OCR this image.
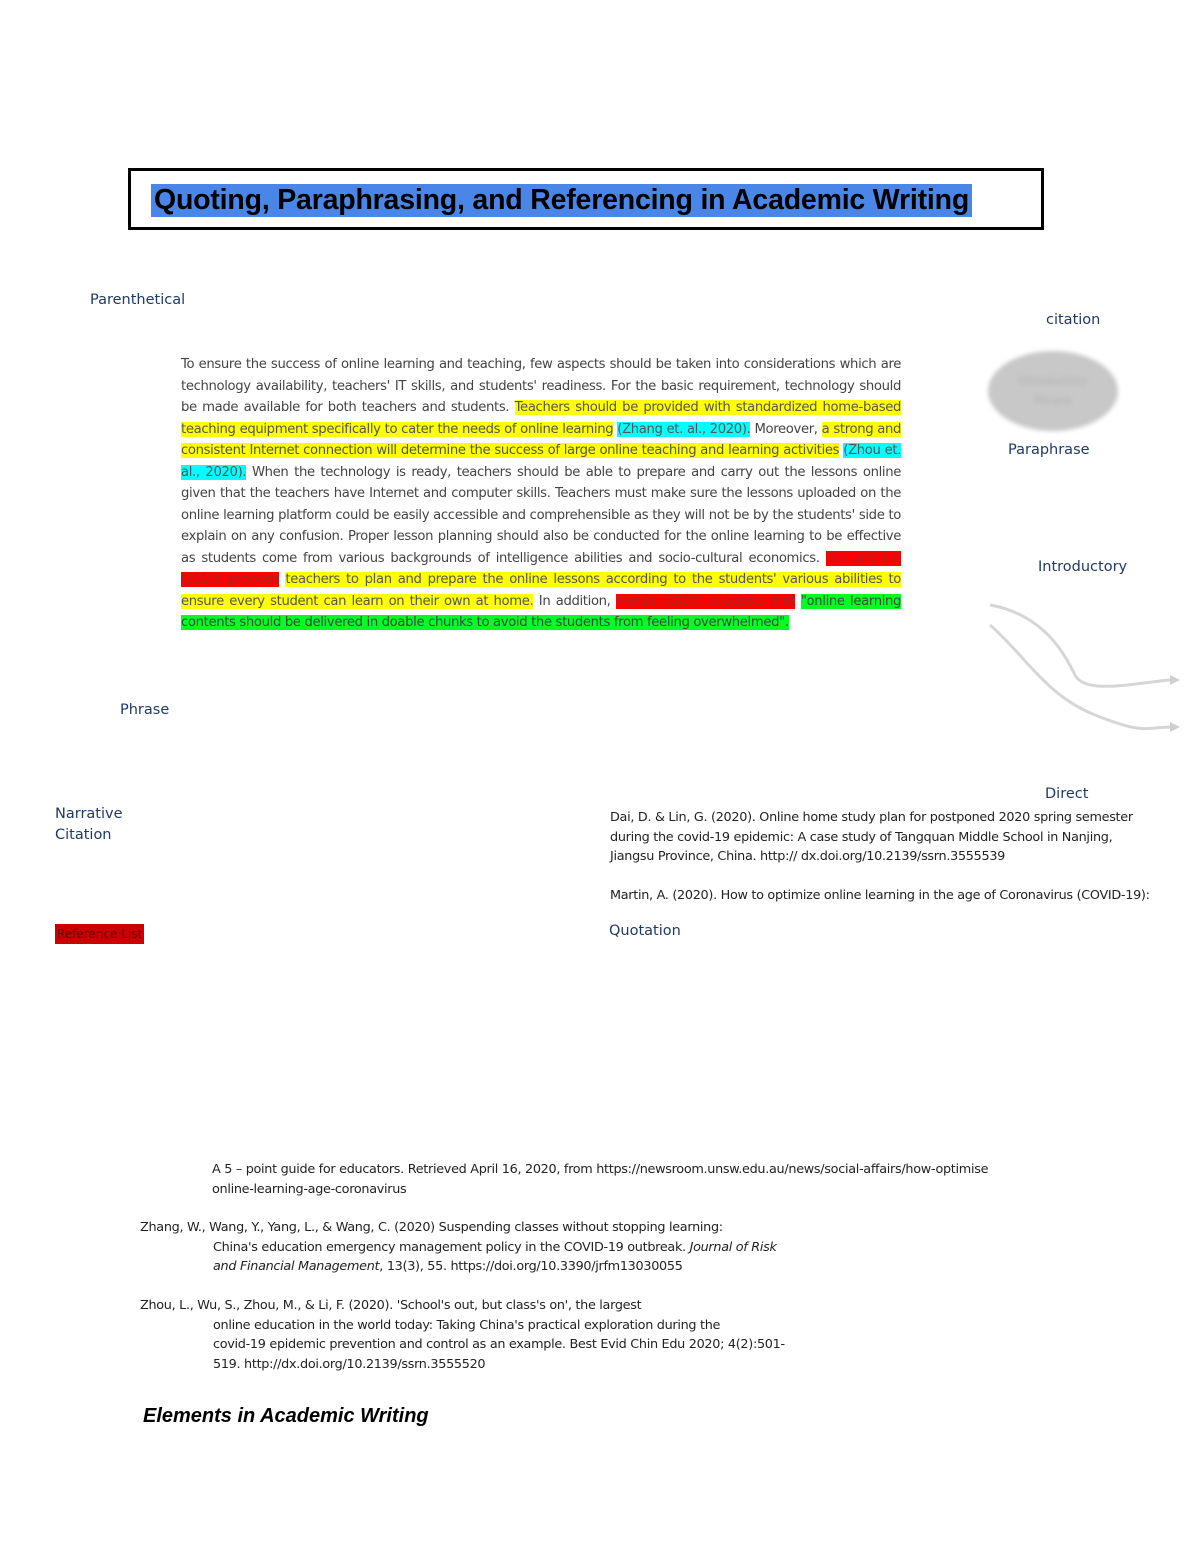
Quoting, Paraphrasing, and Referencing in Academic Writing
Parenthetical
citation
Paraphrase
Introductory
Phrase
Direct
Narrative
Citation
Quotation
Introductory
Phrase
To ensure the success of online learning and teaching, few aspects should be taken into considerations which are technology availability, teachers' IT skills, and students' readiness. For the basic requirement, technology should be made available for both teachers and students. Teachers should be provided with standardized home-based teaching equipment specifically to cater the needs of online learning (Zhang et. al., 2020). Moreover, a strong and consistent Internet connection will determine the success of large online teaching and learning activities (Zhou et. al., 2020). When the technology is ready, teachers should be able to prepare and carry out the lessons online given that the teachers have Internet and computer skills. Teachers must make sure the lessons uploaded on the online learning platform could be easily accessible and comprehensible as they will not be by the students' side to explain on any confusion. Proper lesson planning should also be conducted for the online learning to be effective as students come from various backgrounds of intelligence abilities and socio-cultural economics. Dai and Lin (2020) propose teachers to plan and prepare the online lessons according to the students' various abilities to ensure every student can learn on their own at home. In addition, Martin (2020) suggests that "online learning contents should be delivered in doable chunks to avoid the students from feeling overwhelmed".
Dai, D. & Lin, G. (2020). Online home study plan for postponed 2020 spring semester during the covid-19 epidemic: A case study of Tangquan Middle School in Nanjing, Jiangsu Province, China. http:// dx.doi.org/10.2139/ssrn.3555539
Martin, A. (2020). How to optimize online learning in the age of Coronavirus (COVID-19):
Reference List
A 5 – point guide for educators. Retrieved April 16, 2020, from https://newsroom.unsw.edu.au/news/social-affairs/how-optimise
online-learning-age-coronavirus
Zhang, W., Wang, Y., Yang, L., & Wang, C. (2020) Suspending classes without stopping learning:
China's education emergency management policy in the COVID-19 outbreak. Journal of Risk
and Financial Management, 13(3), 55. https://doi.org/10.3390/jrfm13030055
Zhou, L., Wu, S., Zhou, M., & Li, F. (2020). 'School's out, but class's on', the largest
online education in the world today: Taking China's practical exploration during the
covid-19 epidemic prevention and control as an example. Best Evid Chin Edu 2020; 4(2):501-
519. http://dx.doi.org/10.2139/ssrn.3555520
Elements in Academic Writing
